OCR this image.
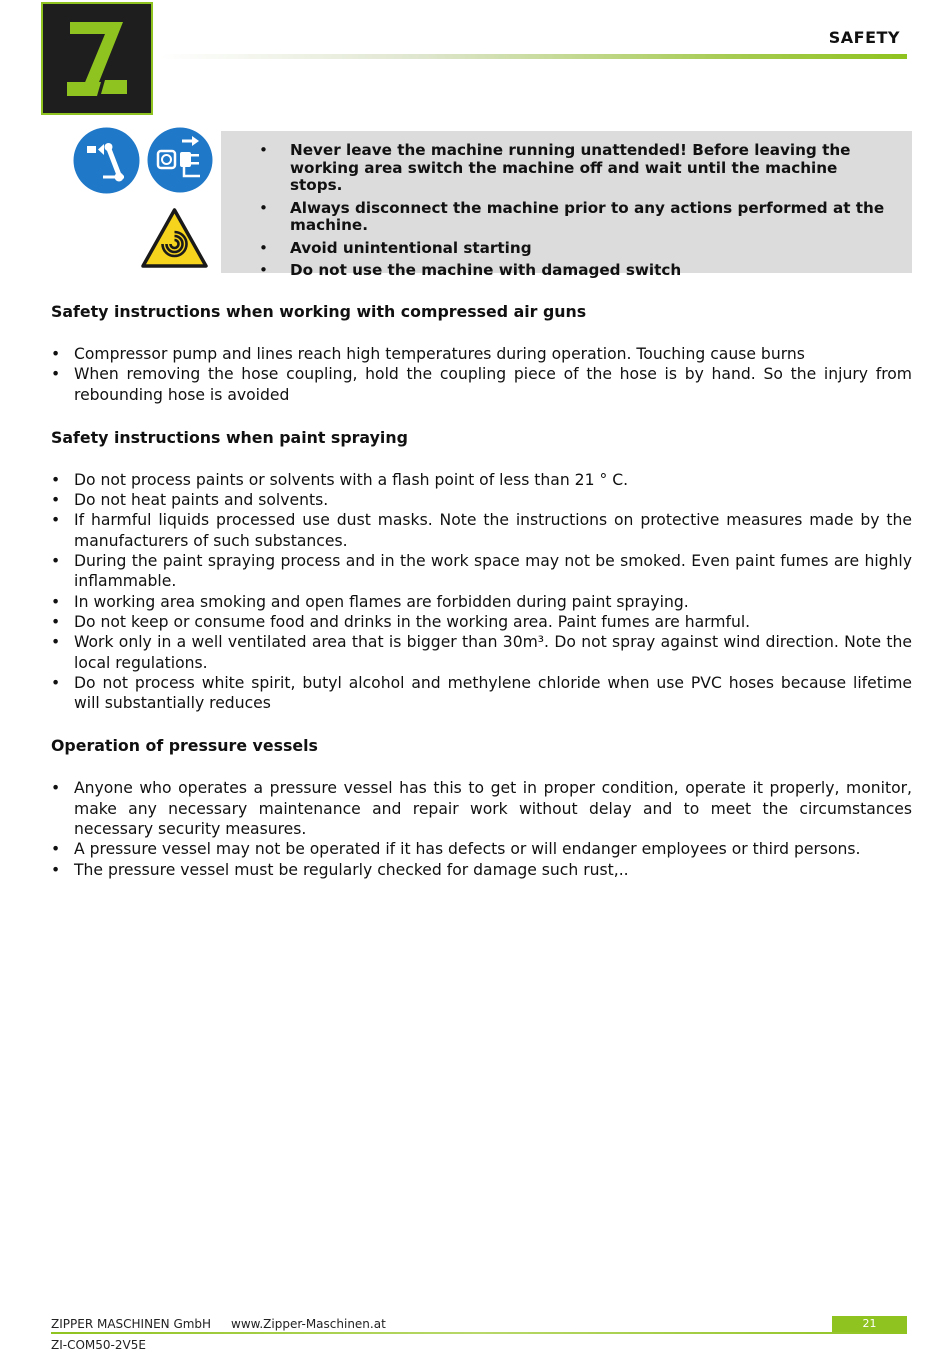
SAFETY
• Never leave the machine running unattended! Before leaving the working area switch the machine off and wait until the machine stops.
• Always disconnect the machine prior to any actions performed at the machine.
• Avoid unintentional starting
• Do not use the machine with damaged switch
Safety instructions when working with compressed air guns
• Compressor pump and lines reach high temperatures during operation. Touching cause burns
• When removing the hose coupling, hold the coupling piece of the hose is by hand. So the injury from rebounding hose is avoided
Safety instructions when paint spraying
• Do not process paints or solvents with a flash point of less than 21 ° C.
• Do not heat paints and solvents.
• If harmful liquids processed use dust masks. Note the instructions on protective measures made by the manufacturers of such substances.
• During the paint spraying process and in the work space may not be smoked. Even paint fumes are highly inflammable.
• In working area smoking and open flames are forbidden during paint spraying.
• Do not keep or consume food and drinks in the working area. Paint fumes are harmful.
• Work only in a well ventilated area that is bigger than 30m³. Do not spray against wind direction. Note the local regulations.
• Do not process white spirit, butyl alcohol and methylene chloride when use PVC hoses because lifetime will substantially reduces
Operation of pressure vessels
• Anyone who operates a pressure vessel has this to get in proper condition, operate it properly, monitor, make any necessary maintenance and repair work without delay and to meet the circumstances necessary security measures.
• A pressure vessel may not be operated if it has defects or will endanger employees or third persons.
• The pressure vessel must be regularly checked for damage such rust,..
ZIPPER MASCHINEN GmbH www.Zipper-Maschinen.at	21
ZI-COM50-2V5E
